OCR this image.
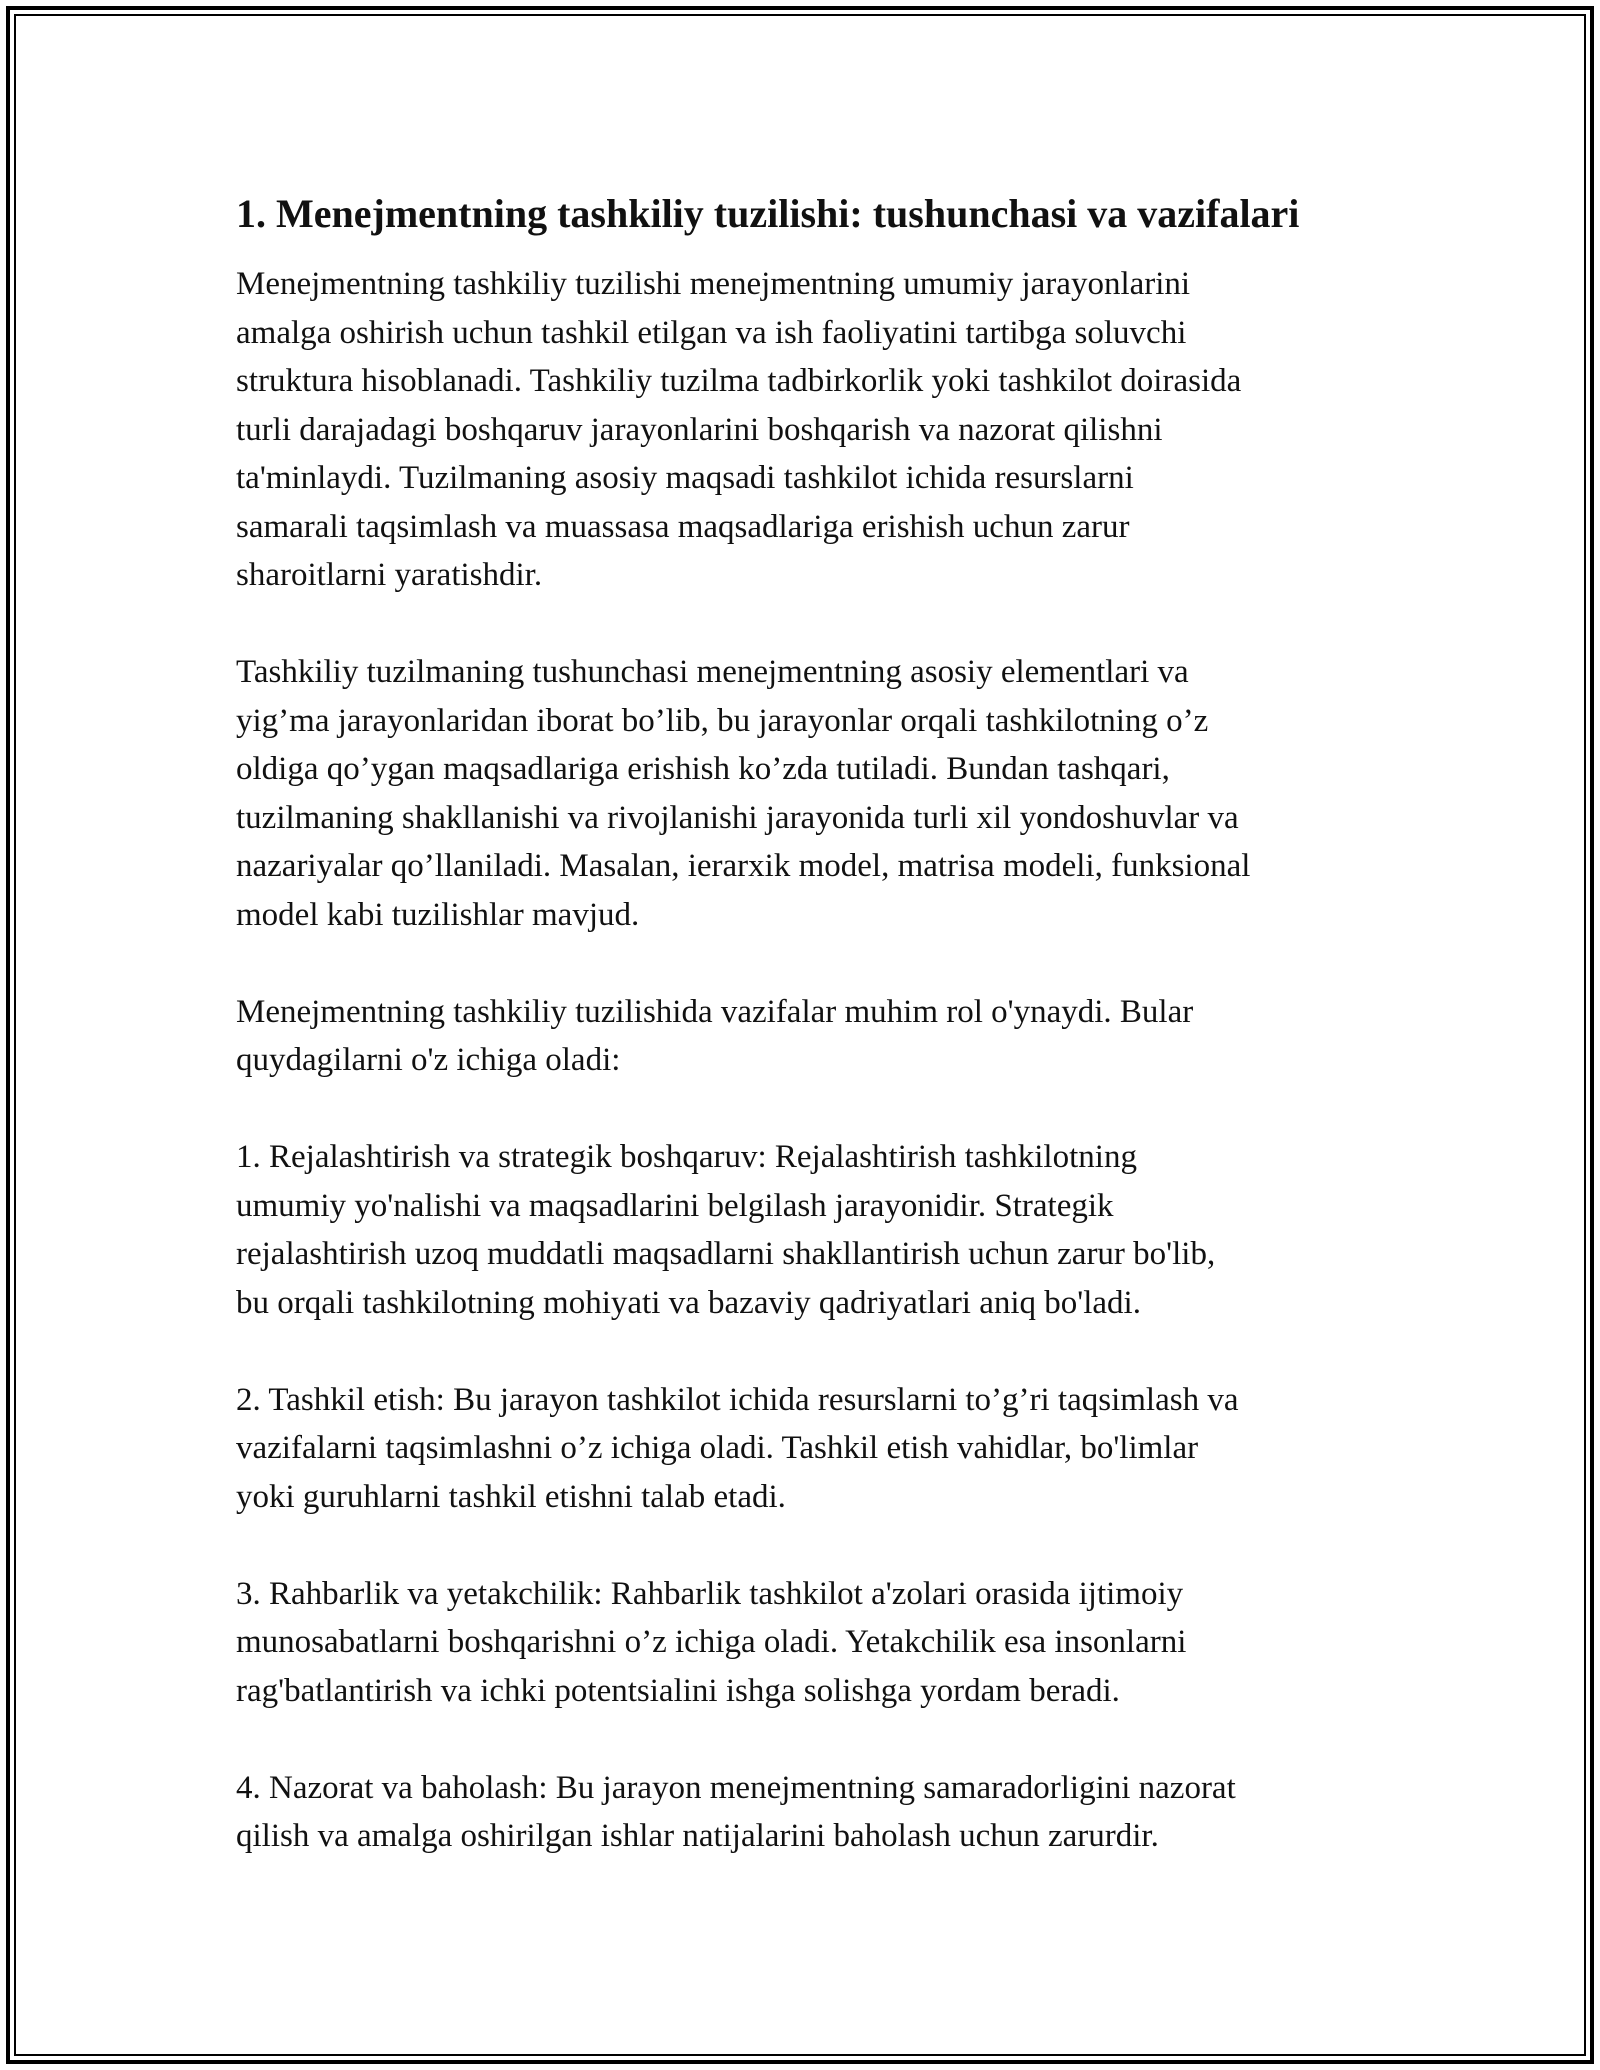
1. Menejmentning tashkiliy tuzilishi: tushunchasi va vazifalari
Menejmentning tashkiliy tuzilishi menejmentning umumiy jarayonlarini
amalga oshirish uchun tashkil etilgan va ish faoliyatini tartibga soluvchi
struktura hisoblanadi. Tashkiliy tuzilma tadbirkorlik yoki tashkilot doirasida
turli darajadagi boshqaruv jarayonlarini boshqarish va nazorat qilishni
ta'minlaydi. Tuzilmaning asosiy maqsadi tashkilot ichida resurslarni
samarali taqsimlash va muassasa maqsadlariga erishish uchun zarur
sharoitlarni yaratishdir.
Tashkiliy tuzilmaning tushunchasi menejmentning asosiy elementlari va
yig’ma jarayonlaridan iborat bo’lib, bu jarayonlar orqali tashkilotning o’z
oldiga qo’ygan maqsadlariga erishish ko’zda tutiladi. Bundan tashqari,
tuzilmaning shakllanishi va rivojlanishi jarayonida turli xil yondoshuvlar va
nazariyalar qo’llaniladi. Masalan, ierarxik model, matrisa modeli, funksional
model kabi tuzilishlar mavjud.
Menejmentning tashkiliy tuzilishida vazifalar muhim rol o'ynaydi. Bular
quydagilarni o'z ichiga oladi:
1. Rejalashtirish va strategik boshqaruv: Rejalashtirish tashkilotning
umumiy yo'nalishi va maqsadlarini belgilash jarayonidir. Strategik
rejalashtirish uzoq muddatli maqsadlarni shakllantirish uchun zarur bo'lib,
bu orqali tashkilotning mohiyati va bazaviy qadriyatlari aniq bo'ladi.
2. Tashkil etish: Bu jarayon tashkilot ichida resurslarni to’g’ri taqsimlash va
vazifalarni taqsimlashni o’z ichiga oladi. Tashkil etish vahidlar, bo'limlar
yoki guruhlarni tashkil etishni talab etadi.
3. Rahbarlik va yetakchilik: Rahbarlik tashkilot a'zolari orasida ijtimoiy
munosabatlarni boshqarishni o’z ichiga oladi. Yetakchilik esa insonlarni
rag'batlantirish va ichki potentsialini ishga solishga yordam beradi.
4. Nazorat va baholash: Bu jarayon menejmentning samaradorligini nazorat
qilish va amalga oshirilgan ishlar natijalarini baholash uchun zarurdir.
